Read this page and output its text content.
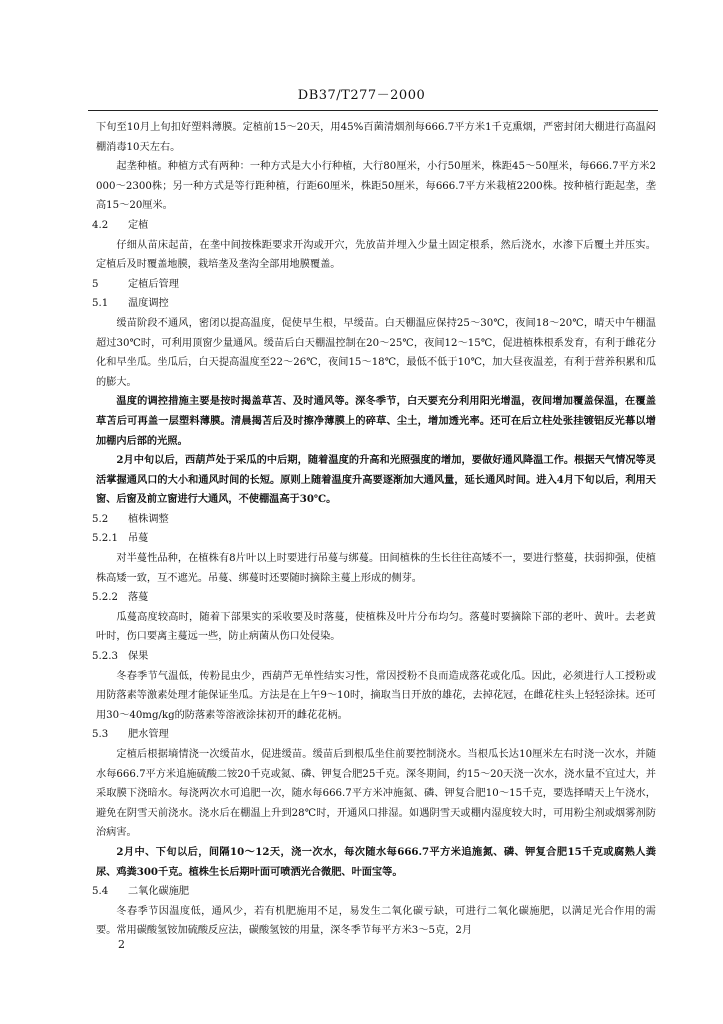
DB37/T277－2000

下旬至10月上旬扣好塑料薄膜。定植前15～20天，用45%百菌清烟剂每666.7平方米1千克熏烟，严密封闭大棚进行高温闷棚消毒10天左右。

起垄种植。种植方式有两种：一种方式是大小行种植，大行80厘米，小行50厘米，株距45～50厘米，每666.7平方米2000～2300株；另一种方式是等行距种植，行距60厘米，株距50厘米，每666.7平方米栽植2200株。按种植行距起垄，垄高15～20厘米。

4.2	定植

仔细从苗床起苗，在垄中间按株距要求开沟或开穴，先放苗并埋入少量土固定根系，然后浇水，水渗下后覆土并压实。定植后及时覆盖地膜，栽培垄及垄沟全部用地膜覆盖。

5	定植后管理
5.1	温度调控

缓苗阶段不通风，密闭以提高温度，促使早生根，早缓苗。白天棚温应保持25～30℃，夜间18～20℃，晴天中午棚温超过30℃时，可利用顶窗少量通风。缓苗后白天棚温控制在20～25℃，夜间12～15℃，促进植株根系发育，有利于雌花分化和早坐瓜。坐瓜后，白天提高温度至22～26℃，夜间15～18℃，最低不低于10℃，加大昼夜温差，有利于营养积累和瓜的膨大。

温度的调控措施主要是按时揭盖草苫、及时通风等。深冬季节，白天要充分利用阳光增温，夜间增加覆盖保温，在覆盖草苫后可再盖一层塑料薄膜。清晨揭苫后及时擦净薄膜上的碎草、尘土，增加透光率。还可在后立柱处张挂镀铝反光幕以增加棚内后部的光照。

2月中旬以后，西葫芦处于采瓜的中后期，随着温度的升高和光照强度的增加，要做好通风降温工作。根据天气情况等灵活掌握通风口的大小和通风时间的长短。原则上随着温度升高要逐渐加大通风量，延长通风时间。进入4月下旬以后，利用天窗、后窗及前立窗进行大通风，不使棚温高于30℃。

5.2	植株调整
5.2.1 吊蔓

对半蔓性品种，在植株有8片叶以上时要进行吊蔓与绑蔓。田间植株的生长往往高矮不一，要进行整蔓，扶弱抑强，使植株高矮一致，互不遮光。吊蔓、绑蔓时还要随时摘除主蔓上形成的侧芽。

5.2.2 落蔓

瓜蔓高度较高时，随着下部果实的采收要及时落蔓，使植株及叶片分布均匀。落蔓时要摘除下部的老叶、黄叶。去老黄叶时，伤口要离主蔓远一些，防止病菌从伤口处侵染。

5.2.3 保果

冬春季节气温低，传粉昆虫少，西葫芦无单性结实习性，常因授粉不良而造成落花或化瓜。因此，必须进行人工授粉或用防落素等激素处理才能保证坐瓜。方法是在上午9～10时，摘取当日开放的雄花，去掉花冠，在雌花柱头上轻轻涂抹。还可用30～40mg/kg的防落素等溶液涂抹初开的雌花花柄。

5.3	肥水管理

定植后根据墒情浇一次缓苗水，促进缓苗。缓苗后到根瓜坐住前要控制浇水。当根瓜长达10厘米左右时浇一次水，并随水每666.7平方米追施硫酸二铵20千克或氮、磷、钾复合肥25千克。深冬期间，约15～20天浇一次水，浇水量不宜过大，并采取膜下浇暗水。每浇两次水可追肥一次，随水每666.7平方米冲施氮、磷、钾复合肥10～15千克，要选择晴天上午浇水，避免在阴雪天前浇水。浇水后在棚温上升到28℃时，开通风口排湿。如遇阴雪天或棚内湿度较大时，可用粉尘剂或烟雾剂防治病害。

2月中、下旬以后，间隔10～12天，浇一次水，每次随水每666.7平方米追施氮、磷、钾复合肥15千克或腐熟人粪尿、鸡粪300千克。植株生长后期叶面可喷洒光合微肥、叶面宝等。

5.4	二氧化碳施肥

冬春季节因温度低，通风少，若有机肥施用不足，易发生二氧化碳亏缺，可进行二氧化碳施肥，以满足光合作用的需要。常用碳酸氢铵加硫酸反应法，碳酸氢铵的用量，深冬季节每平方米3～5克，2月

2
